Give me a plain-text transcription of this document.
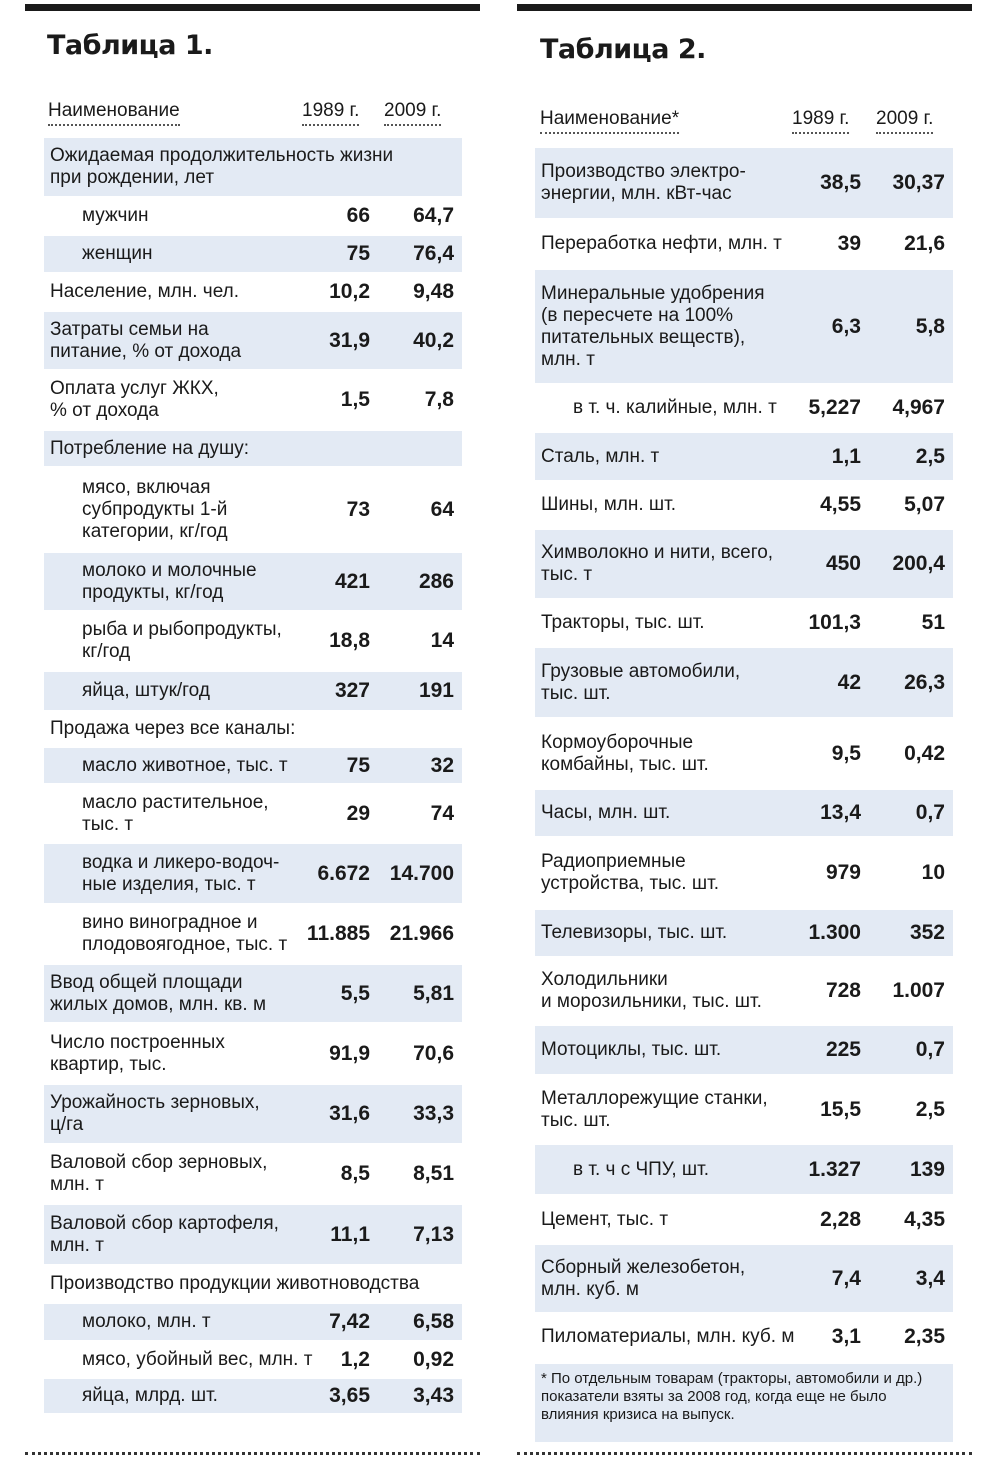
Таблица 1.
Наименование	1989 г. 2009 г.
Ожидаемая продолжительность жизни
при рождении, лет
мужчин	66 64,7
женщин	75 76,4
Население, млн. чел.	10,2 9,48
Затраты семьи на
питание, % от дохода	31,9 40,2
Оплата услуг ЖКХ,
% от дохода	1,5	7,8
Потребление на душу:
мясо, включая
субпродукты 1-й
категории, кг/год
73	64
молоко и молочные
продукты, кг/год	421 286
рыба и рыбопродукты,
кг/год	18,8	14
яйца, штук/год	327 191
Продажа через все каналы:
масло животное, тыс. т	75	32
масло растительное,
тыс. т	29	74
водка и ликеро-водоч-
ные изделия, тыс. т	6.672 14.700
вино виноградное и
плодовоягодное, тыс. т 11.885 21.966
Ввод общей площади
жилых домов, млн. кв. м	5,5 5,81
Число построенных
квартир, тыс.	91,9 70,6
Урожайность зерновых,
ц/га	31,6 33,3
Валовой сбор зерновых,
млн. т	8,5 8,51
Валовой сбор картофеля,
млн. т	11,1 7,13
Производство продукции животноводства
молоко, млн. т	7,42 6,58
мясо, убойный вес, млн. т	1,2 0,92
яйца, млрд. шт.	3,65 3,43
Таблица 2.
Наименование*	1989 г. 2009 г.
Производство электро-
энергии, млн. кВт-час	38,5 30,37
Переработка нефти, млн. т	39 21,6
Минеральные удобрения
(в пересчете на 100%
питательных веществ),
млн. т
6,3	5,8
в т. ч. калийные, млн. т	5,227 4,967
Сталь, млн. т	1,1	2,5
Шины, млн. шт.	4,55 5,07
Химволокно и нити, всего,
тыс. т	450 200,4
Тракторы, тыс. шт.	101,3	51
Грузовые автомобили,
тыс. шт.	42 26,3
Кормоуборочные
комбайны, тыс. шт.	9,5 0,42
Часы, млн. шт.	13,4	0,7
Радиоприемные
устройства, тыс. шт.	979	10
Телевизоры, тыс. шт.	1.300 352
Холодильники
и морозильники, тыс. шт.	728 1.007
Мотоциклы, тыс. шт.	225	0,7
Металлорежущие станки,
тыс. шт.	15,5	2,5
в т. ч с ЧПУ, шт.	1.327 139
Цемент, тыс. т	2,28 4,35
Сборный железобетон,
млн. куб. м	7,4	3,4
Пиломатериалы, млн. куб. м	3,1 2,35
* По отдельным товарам (тракторы, автомобили и др.) показатели взяты за 2008 год, когда еще не было влияния кризиса на выпуск.
